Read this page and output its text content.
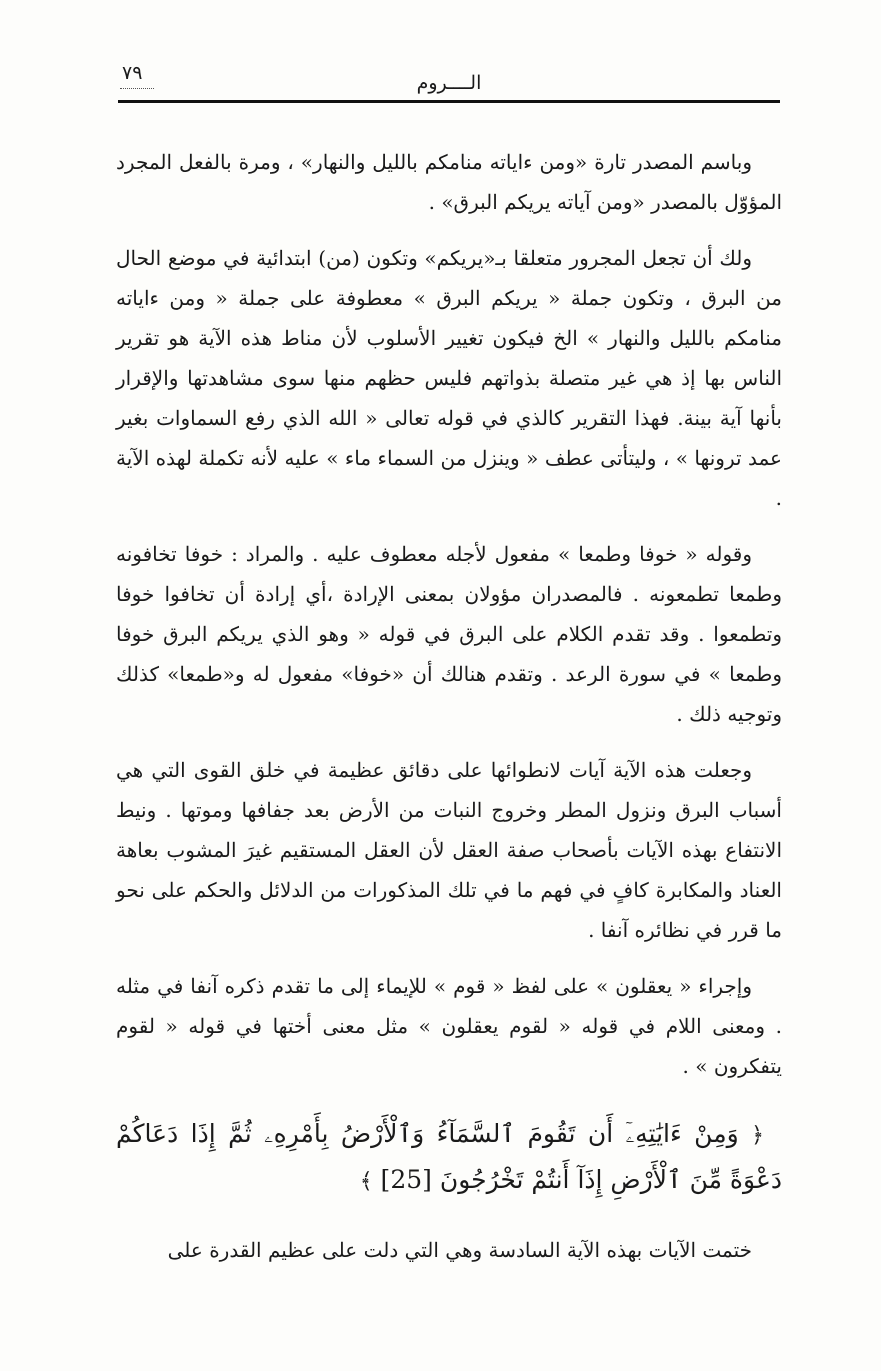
٧٩	الــــروم

وباسم المصدر تارة «ومن ءاياته منامكم بالليل والنهار» ، ومرة بالفعل المجرد المؤوّل بالمصدر «ومن آياته يريكم البرق» .

ولك أن تجعل المجرور متعلقا بـ«يريكم» وتكون (من) ابتدائية في موضع الحال من البرق ، وتكون جملة « يريكم البرق » معطوفة على جملة « ومن ءاياته منامكم بالليل والنهار » الخ فيكون تغيير الأسلوب لأن مناط هذه الآية هو تقرير الناس بها إذ هي غير متصلة بذواتهم فليس حظهم منها سوى مشاهدتها والإقرار بأنها آية بينة. فهذا التقرير كالذي في قوله تعالى « الله الذي رفع السماوات بغير عمد ترونها » ، وليتأتى عطف « وينزل من السماء ماء » عليه لأنه تكملة لهذه الآية .

وقوله « خوفا وطمعا » مفعول لأجله معطوف عليه . والمراد : خوفا تخافونه وطمعا تطمعونه . فالمصدران مؤولان بمعنى الإرادة ،أي إرادة أن تخافوا خوفا وتطمعوا . وقد تقدم الكلام على البرق في قوله « وهو الذي يريكم البرق خوفا وطمعا » في سورة الرعد . وتقدم هنالك أن «خوفا» مفعول له و«طمعا» كذلك وتوجيه ذلك .

وجعلت هذه الآية آيات لانطوائها على دقائق عظيمة في خلق القوى التي هي أسباب البرق ونزول المطر وخروج النبات من الأرض بعد جفافها وموتها . ونيط الانتفاع بهذه الآيات بأصحاب صفة العقل لأن العقل المستقيم غيرَ المشوب بعاهة العناد والمكابرة كافٍ في فهم ما في تلك المذكورات من الدلائل والحكم على نحو ما قرر في نظائره آنفا .

وإجراء « يعقلون » على لفظ « قوم » للإيماء إلى ما تقدم ذكره آنفا في مثله . ومعنى اللام في قوله « لقوم يعقلون » مثل معنى أختها في قوله « لقوم يتفكرون » .

﴿ وَمِنْ ءَايَٰتِهِۦٓ أَن تَقُومَ ٱلسَّمَآءُ وَٱلْأَرْضُ بِأَمْرِهِۦ ثُمَّ إِذَا دَعَاكُمْ دَعْوَةً مِّنَ ٱلْأَرْضِ إِذَآ أَنتُمْ تَخْرُجُونَ [25] ﴾

ختمت الآيات بهذه الآية السادسة وهي التي دلت على عظيم القدرة على
